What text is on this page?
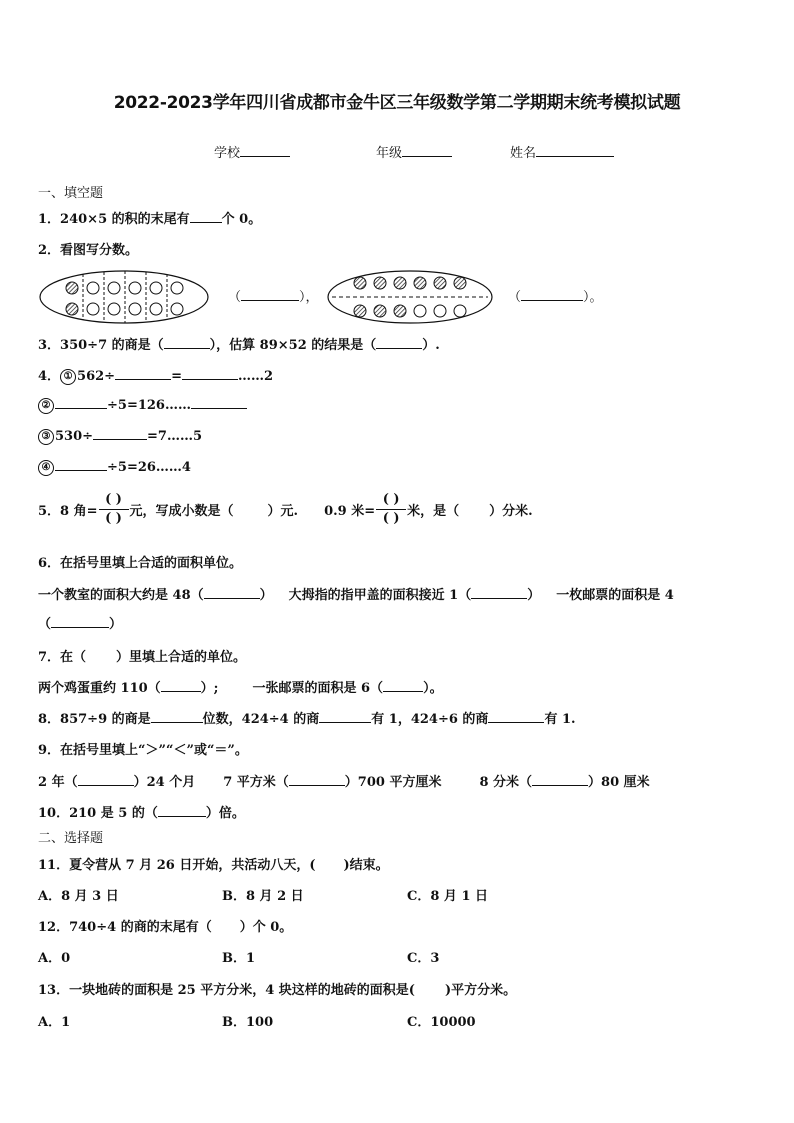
2022-2023学年四川省成都市金牛区三年级数学第二学期期末统考模拟试题
学校	年级	姓名
一、填空题
1．240×5 的积的末尾有 个 0。
2．看图写分数。
（	），	（	）。
3．350÷7 的商是（	），估算 89×52 的结果是（	）.
4． ① 562÷	=	……2
②	÷5=126……
③ 530÷	=7……5
④	÷5=26……4
5．8 角$=\frac{( )}{( )}$元，写成小数是（	）元. 0.9 米$=\frac{( )}{( )}$米，是（ ）分米.
6．在括号里填上合适的面积单位。
一个教室的面积大约是 48（	） 大拇指的指甲盖的面积接近 1（	） 一枚邮票的面积是 4
（	）
7．在（ ）里填上合适的单位。
两个鸡蛋重约 110（	）;	一张邮票的面积是 6（	）。
8．857÷9 的商是	位数，424÷4 的商	有 1，424÷6 的商	有 1.
9．在括号里填上“＞”“＜”或“＝”。
2 年（	）24 个月 7 平方米（	）700 平方厘米	8 分米（	）80 厘米
10．210 是 5 的（	）倍。
二、选择题
11．夏令营从 7 月 26 日开始，共活动八天，( )结束。
A．8 月 3 日	B．8 月 2 日	C．8 月 1 日
12．740÷4 的商的末尾有（ ）个 0。
A．0	B．1	C．3
13．一块地砖的面积是 25 平方分米，4 块这样的地砖的面积是( )平方分米。
A．1	B．100	C．10000
